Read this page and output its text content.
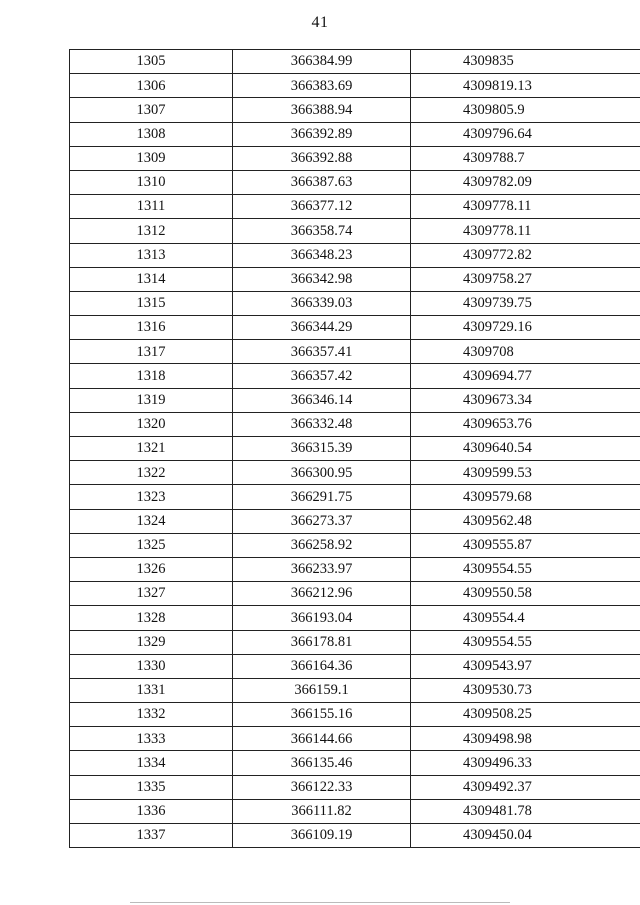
41
1305	366384.99	4309835
1306	366383.69	4309819.13
1307	366388.94	4309805.9
1308	366392.89	4309796.64
1309	366392.88	4309788.7
1310	366387.63	4309782.09
1311	366377.12	4309778.11
1312	366358.74	4309778.11
1313	366348.23	4309772.82
1314	366342.98	4309758.27
1315	366339.03	4309739.75
1316	366344.29	4309729.16
1317	366357.41	4309708
1318	366357.42	4309694.77
1319	366346.14	4309673.34
1320	366332.48	4309653.76
1321	366315.39	4309640.54
1322	366300.95	4309599.53
1323	366291.75	4309579.68
1324	366273.37	4309562.48
1325	366258.92	4309555.87
1326	366233.97	4309554.55
1327	366212.96	4309550.58
1328	366193.04	4309554.4
1329	366178.81	4309554.55
1330	366164.36	4309543.97
1331	366159.1	4309530.73
1332	366155.16	4309508.25
1333	366144.66	4309498.98
1334	366135.46	4309496.33
1335	366122.33	4309492.37
1336	366111.82	4309481.78
1337	366109.19	4309450.04
